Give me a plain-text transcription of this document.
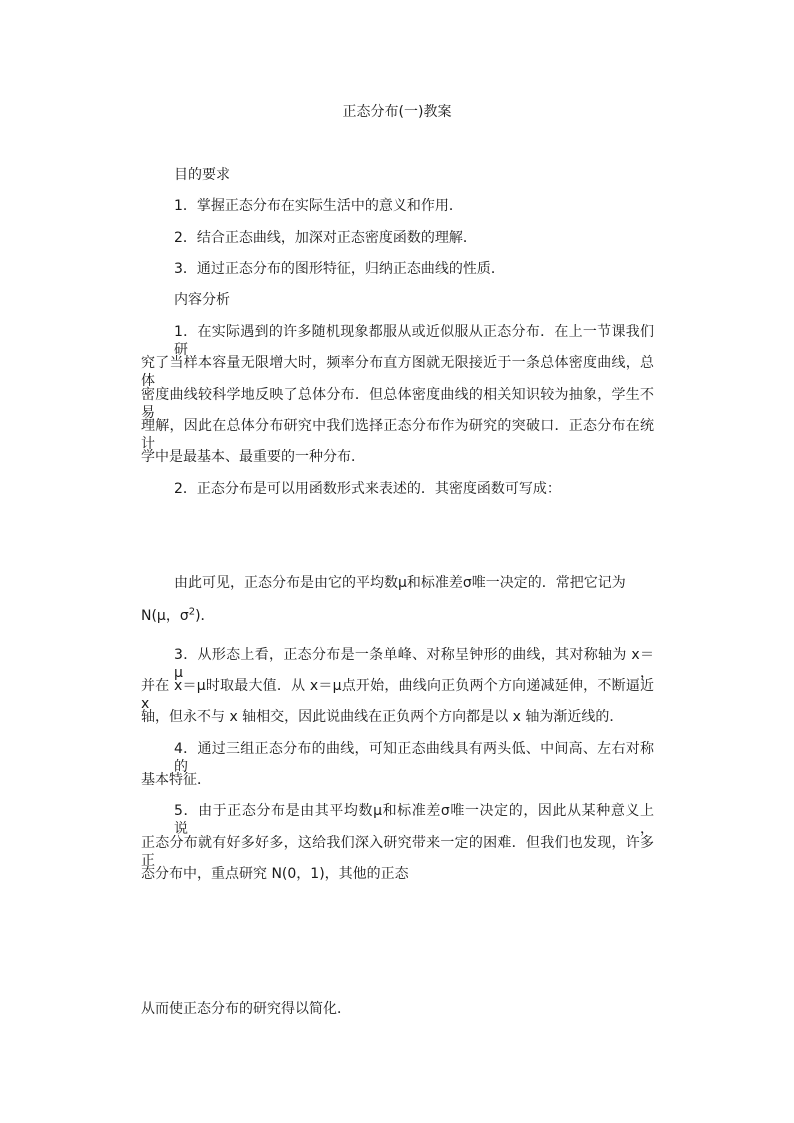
正态分布(一)教案
目的要求
1．掌握正态分布在实际生活中的意义和作用．
2．结合正态曲线，加深对正态密度函数的理解．
3．通过正态分布的图形特征，归纳正态曲线的性质．
内容分析
1．在实际遇到的许多随机现象都服从或近似服从正态分布．在上一节课我们研
究了当样本容量无限增大时，频率分布直方图就无限接近于一条总体密度曲线，总体
密度曲线较科学地反映了总体分布．但总体密度曲线的相关知识较为抽象，学生不易
理解，因此在总体分布研究中我们选择正态分布作为研究的突破口．正态分布在统计
学中是最基本、最重要的一种分布．
2．正态分布是可以用函数形式来表述的．其密度函数可写成：
由此可见，正态分布是由它的平均数μ和标准差σ唯一决定的．常把它记为
N(μ，$\sigma^2$)．
3．从形态上看，正态分布是一条单峰、对称呈钟形的曲线，其对称轴为 x＝μ，
并在 x＝μ时取最大值．从 x＝μ点开始，曲线向正负两个方向递减延伸，不断逼近 x
轴，但永不与 x 轴相交，因此说曲线在正负两个方向都是以 x 轴为渐近线的．
4．通过三组正态分布的曲线，可知正态曲线具有两头低、中间高、左右对称的
基本特征．
5．由于正态分布是由其平均数μ和标准差σ唯一决定的，因此从某种意义上说，
正态分布就有好多好多，这给我们深入研究带来一定的困难．但我们也发现，许多正
态分布中，重点研究 N(0，1)，其他的正态
从而使正态分布的研究得以简化．
